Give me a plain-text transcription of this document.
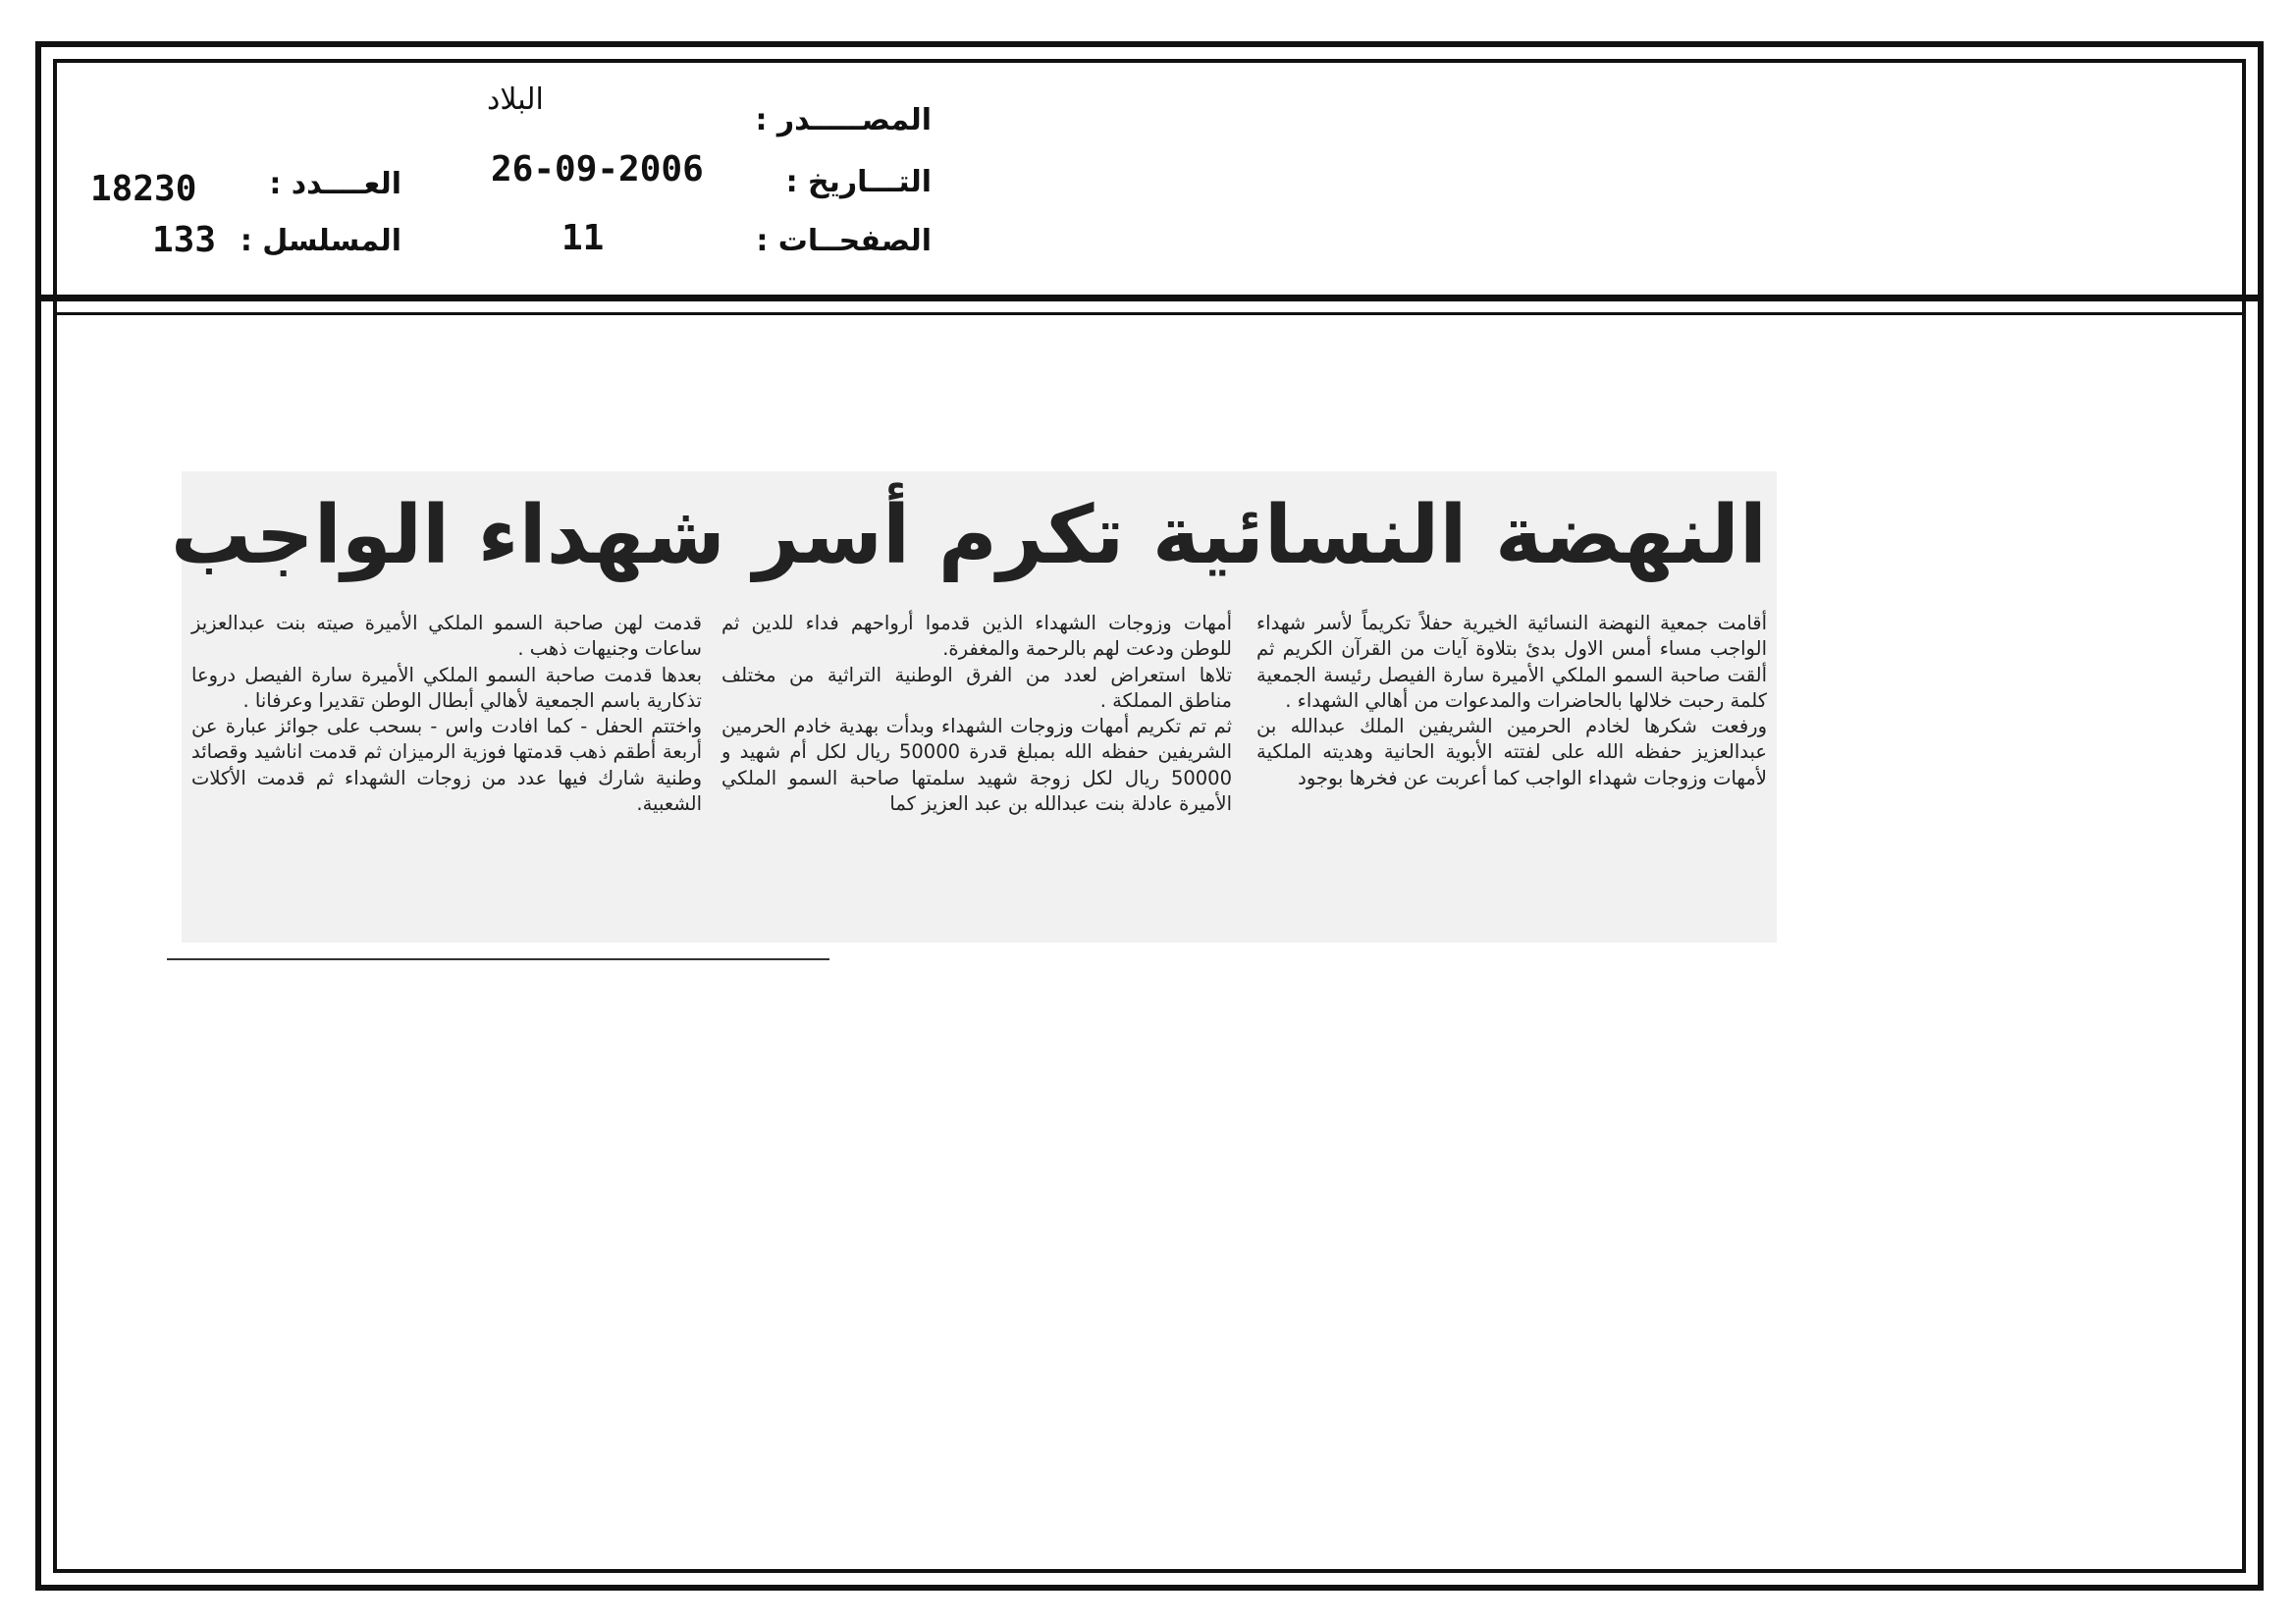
المصـــــدر :
البلاد
التـــاريخ :
26-09-2006
الصفحــات :
11
العــــدد :
18230
المسلسل :
133
النهضة النسائية تكرم أسر شهداء الواجب

أقامت جمعية النهضة النسائية الخيرية حفلاً تكريماً لأسر شهداء الواجب مساء أمس الاول بدئ بتلاوة آيات من القرآن الكريم ثم ألقت صاحبة السمو الملكي الأميرة سارة الفيصل رئيسة الجمعية كلمة رحبت خلالها بالحاضرات والمدعوات من أهالي الشهداء .

ورفعت شكرها لخادم الحرمين الشريفين الملك عبدالله بن عبدالعزيز حفظه الله على لفتته الأبوية الحانية وهديته الملكية لأمهات وزوجات شهداء الواجب كما أعربت عن فخرها بوجود

أمهات وزوجات الشهداء الذين قدموا أرواحهم فداء للدين ثم للوطن ودعت لهم بالرحمة والمغفرة.

تلاها استعراض لعدد من الفرق الوطنية التراثية من مختلف مناطق المملكة .

ثم تم تكريم أمهات وزوجات الشهداء وبدأت بهدية خادم الحرمين الشريفين حفظه الله بمبلغ قدرة 50000 ريال لكل أم شهيد و 50000 ريال لكل زوجة شهيد سلمتها صاحبة السمو الملكي الأميرة عادلة بنت عبدالله بن عبد العزيز كما

قدمت لهن صاحبة السمو الملكي الأميرة صيته بنت عبدالعزيز ساعات وجنيهات ذهب .

بعدها قدمت صاحبة السمو الملكي الأميرة سارة الفيصل دروعا تذكارية باسم الجمعية لأهالي أبطال الوطن تقديرا وعرفانا .

واختتم الحفل - كما افادت واس - بسحب على جوائز عبارة عن أربعة أطقم ذهب قدمتها فوزية الرميزان ثم قدمت اناشيد وقصائد وطنية شارك فيها عدد من زوجات الشهداء ثم قدمت الأكلات الشعبية.
